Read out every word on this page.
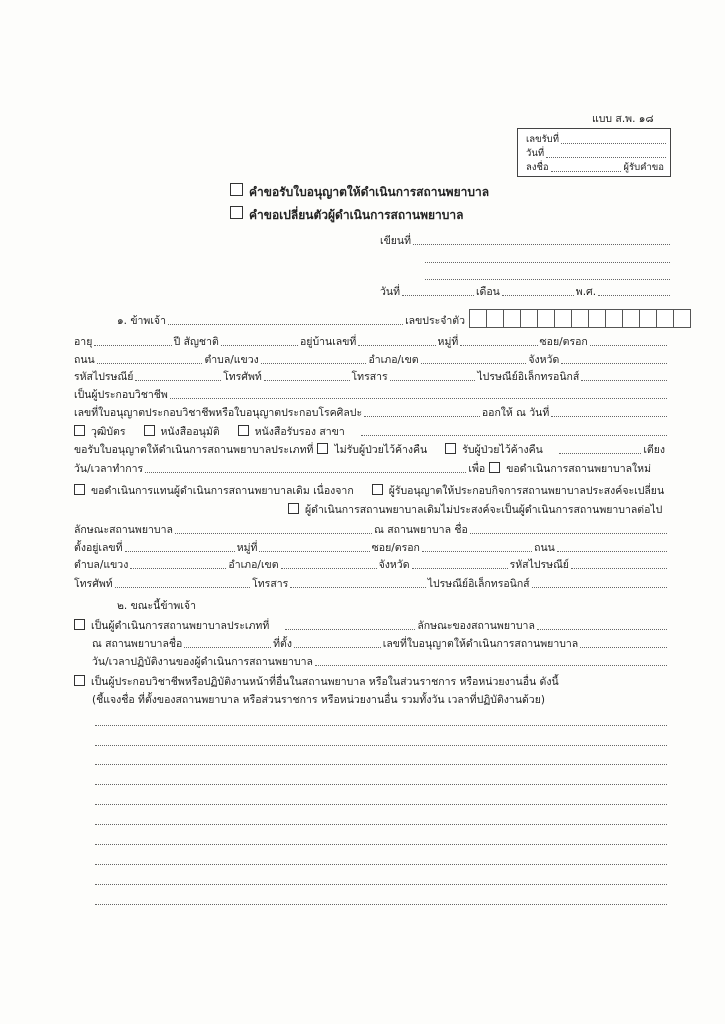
แบบ ส.พ. ๑๘
เลขรับที่
วันที่
ลงชื่อ	ผู้รับคำขอ
คำขอรับใบอนุญาตให้ดำเนินการสถานพยาบาล
คำขอเปลี่ยนตัวผู้ดำเนินการสถานพยาบาล
เขียนที่
วันที่	เดือน	พ.ศ.
๑. ข้าพเจ้า	เลขประจำตัว
อายุ	ปี สัญชาติ	อยู่บ้านเลขที่	หมู่ที่	ซอย/ตรอก
ถนน	ตำบล/แขวง	อำเภอ/เขต	จังหวัด
รหัสไปรษณีย์	โทรศัพท์	โทรสาร	ไปรษณีย์อิเล็กทรอนิกส์
เป็นผู้ประกอบวิชาชีพ
เลขที่ใบอนุญาตประกอบวิชาชีพหรือใบอนุญาตประกอบโรคศิลปะ	ออกให้ ณ วันที่
วุฒิบัตร	หนังสืออนุมัติ	หนังสือรับรอง สาขา
ขอรับใบอนุญาตให้ดำเนินการสถานพยาบาลประเภทที่ ไม่รับผู้ป่วยไว้ค้างคืน	รับผู้ป่วยไว้ค้างคืน	เตียง
วัน/เวลาทำการ	เพื่อ ขอดำเนินการสถานพยาบาลใหม่
ขอดำเนินการแทนผู้ดำเนินการสถานพยาบาลเดิม เนื่องจาก	ผู้รับอนุญาตให้ประกอบกิจการสถานพยาบาลประสงค์จะเปลี่ยน
ผู้ดำเนินการสถานพยาบาลเดิมไม่ประสงค์จะเป็นผู้ดำเนินการสถานพยาบาลต่อไป
ลักษณะสถานพยาบาล	ณ สถานพยาบาล ชื่อ
ตั้งอยู่เลขที่	หมู่ที่	ซอย/ตรอก	ถนน
ตำบล/แขวง	อำเภอ/เขต	จังหวัด	รหัสไปรษณีย์
โทรศัพท์	โทรสาร	ไปรษณีย์อิเล็กทรอนิกส์
๒. ขณะนี้ข้าพเจ้า
เป็นผู้ดำเนินการสถานพยาบาลประเภทที่	ลักษณะของสถานพยาบาล
ณ สถานพยาบาลชื่อ	ที่ตั้ง	เลขที่ใบอนุญาตให้ดำเนินการสถานพยาบาล
วัน/เวลาปฏิบัติงานของผู้ดำเนินการสถานพยาบาล
เป็นผู้ประกอบวิชาชีพหรือปฏิบัติงานหน้าที่อื่นในสถานพยาบาล หรือในส่วนราชการ หรือหน่วยงานอื่น ดังนี้
(ชี้แจงชื่อ ที่ตั้งของสถานพยาบาล หรือส่วนราชการ หรือหน่วยงานอื่น รวมทั้งวัน เวลาที่ปฏิบัติงานด้วย)
